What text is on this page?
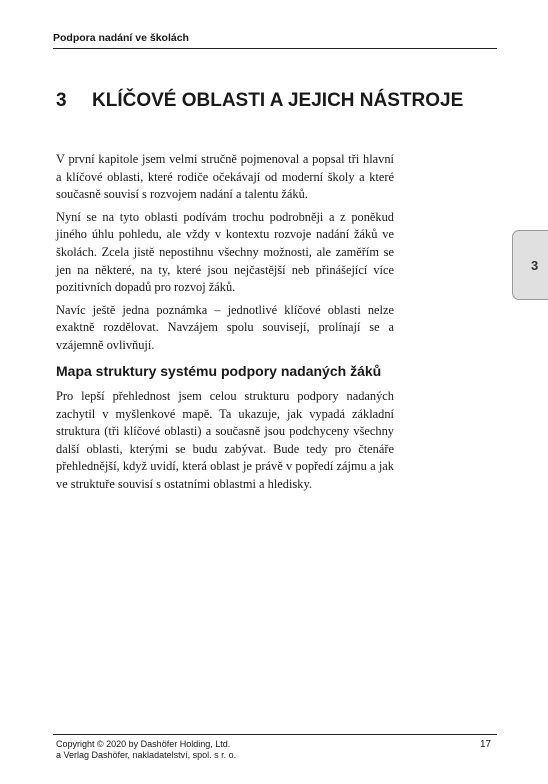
Podpora nadání ve školách
3	KLÍČOVÉ OBLASTI A JEJICH NÁSTROJE

V první kapitole jsem velmi stručně pojmenoval a popsal tři hlavní a klíčové oblasti, které rodiče očekávají od moderní školy a které současně souvisí s rozvojem nadání a talentu žáků.

Nyní se na tyto oblasti podívám trochu podrobněji a z poněkud jiného úhlu pohledu, ale vždy v kontextu rozvoje nadání žáků ve školách. Zcela jistě nepostihnu všechny možnosti, ale zaměřím se jen na některé, na ty, které jsou nejčastější neb přinášející více pozitivních dopadů pro rozvoj žáků.

Navíc ještě jedna poznámka – jednotlivé klíčové oblasti nelze exaktně rozdělovat. Navzájem spolu souvisejí, prolínají se a vzájemně ovlivňují.

Mapa struktury systému podpory nadaných žáků

Pro lepší přehlednost jsem celou strukturu podpory nadaných zachytil v myšlenkové mapě. Ta ukazuje, jak vypadá základní struktura (tři klíčové oblasti) a současně jsou podchyceny všechny další oblasti, kterými se budu zabývat. Bude tedy pro čtenáře přehlednější, když uvidí, která oblast je právě v popředí zájmu a jak ve struktuře souvisí s ostatními oblastmi a hledisky.

3
Copyright © 2020 by Dashöfer Holding, Ltd.
a Verlag Dashöfer, nakladatelství, spol. s r. o.
17
